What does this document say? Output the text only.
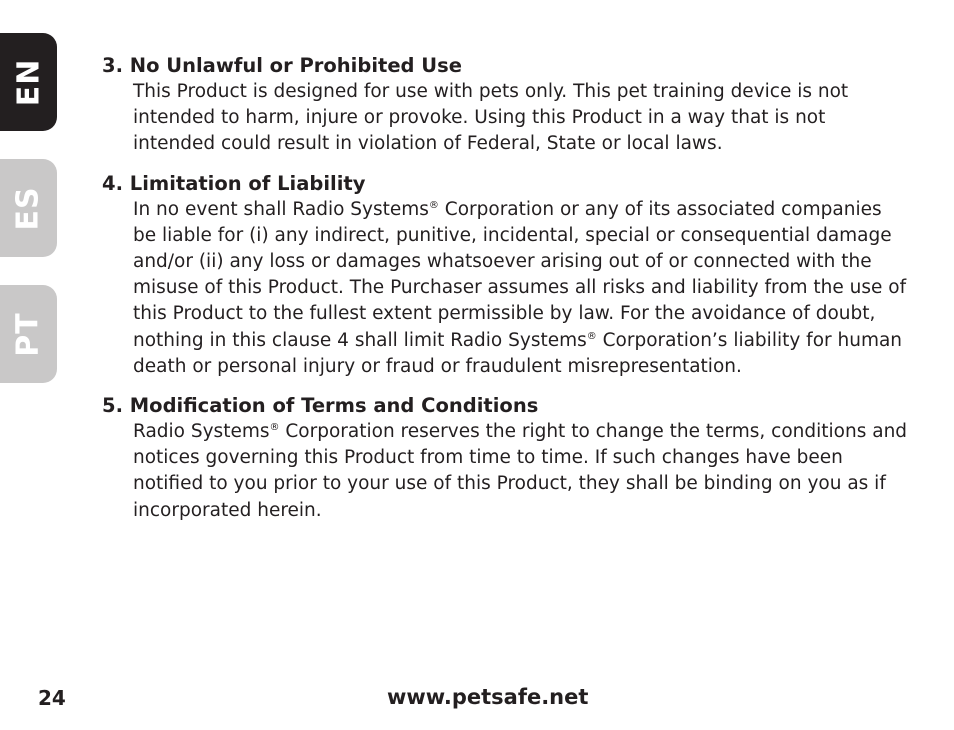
EN
ES
PT

3. No Unlawful or Prohibited Use

This Product is designed for use with pets only. This pet training device is not intended to harm, injure or provoke. Using this Product in a way that is not intended could result in violation of Federal, State or local laws.

4. Limitation of Liability

In no event shall Radio Systems® Corporation or any of its associated companies be liable for (i) any indirect, punitive, incidental, special or consequential damage and/or (ii) any loss or damages whatsoever arising out of or connected with the misuse of this Product. The Purchaser assumes all risks and liability from the use of this Product to the fullest extent permissible by law. For the avoidance of doubt, nothing in this clause 4 shall limit Radio Systems® Corporation’s liability for human death or personal injury or fraud or fraudulent misrepresentation.

5. Modification of Terms and Conditions

Radio Systems® Corporation reserves the right to change the terms, conditions and notices governing this Product from time to time. If such changes have been notified to you prior to your use of this Product, they shall be binding on you as if incorporated herein.

24	www.petsafe.net
